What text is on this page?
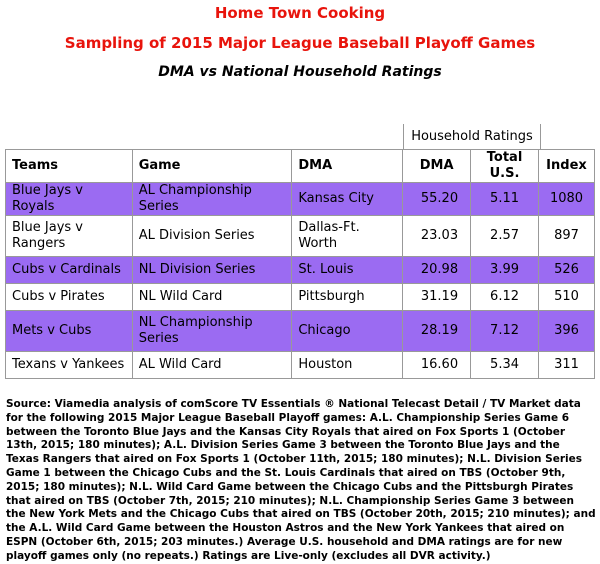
Home Town Cooking
Sampling of 2015 Major League Baseball Playoff Games
DMA vs National Household Ratings
Household Ratings
Teams	Game	DMA	DMA	Total U.S.	Index
Blue Jays v Royals	AL Championship Series	Kansas City	55.20	5.11	1080
Blue Jays v Rangers	AL Division Series	Dallas-Ft. Worth	23.03	2.57	897
Cubs v Cardinals	NL Division Series	St. Louis	20.98	3.99	526
Cubs v Pirates	NL Wild Card	Pittsburgh	31.19	6.12	510
Mets v Cubs	NL Championship Series	Chicago	28.19	7.12	396
Texans v Yankees	AL Wild Card	Houston	16.60	5.34	311
Source: Viamedia analysis of comScore TV Essentials ® National Telecast Detail / TV Market data for the following 2015 Major League Baseball Playoff games: A.L. Championship Series Game 6 between the Toronto Blue Jays and the Kansas City Royals that aired on Fox Sports 1 (October 13th, 2015; 180 minutes); A.L. Division Series Game 3 between the Toronto Blue Jays and the Texas Rangers that aired on Fox Sports 1 (October 11th, 2015; 180 minutes); N.L. Division Series Game 1 between the Chicago Cubs and the St. Louis Cardinals that aired on TBS (October 9th, 2015; 180 minutes); N.L. Wild Card Game between the Chicago Cubs and the Pittsburgh Pirates that aired on TBS (October 7th, 2015; 210 minutes); N.L. Championship Series Game 3 between the New York Mets and the Chicago Cubs that aired on TBS (October 20th, 2015; 210 minutes); and the A.L. Wild Card Game between the Houston Astros and the New York Yankees that aired on ESPN (October 6th, 2015; 203 minutes.) Average U.S. household and DMA ratings are for new playoff games only (no repeats.) Ratings are Live-only (excludes all DVR activity.)
